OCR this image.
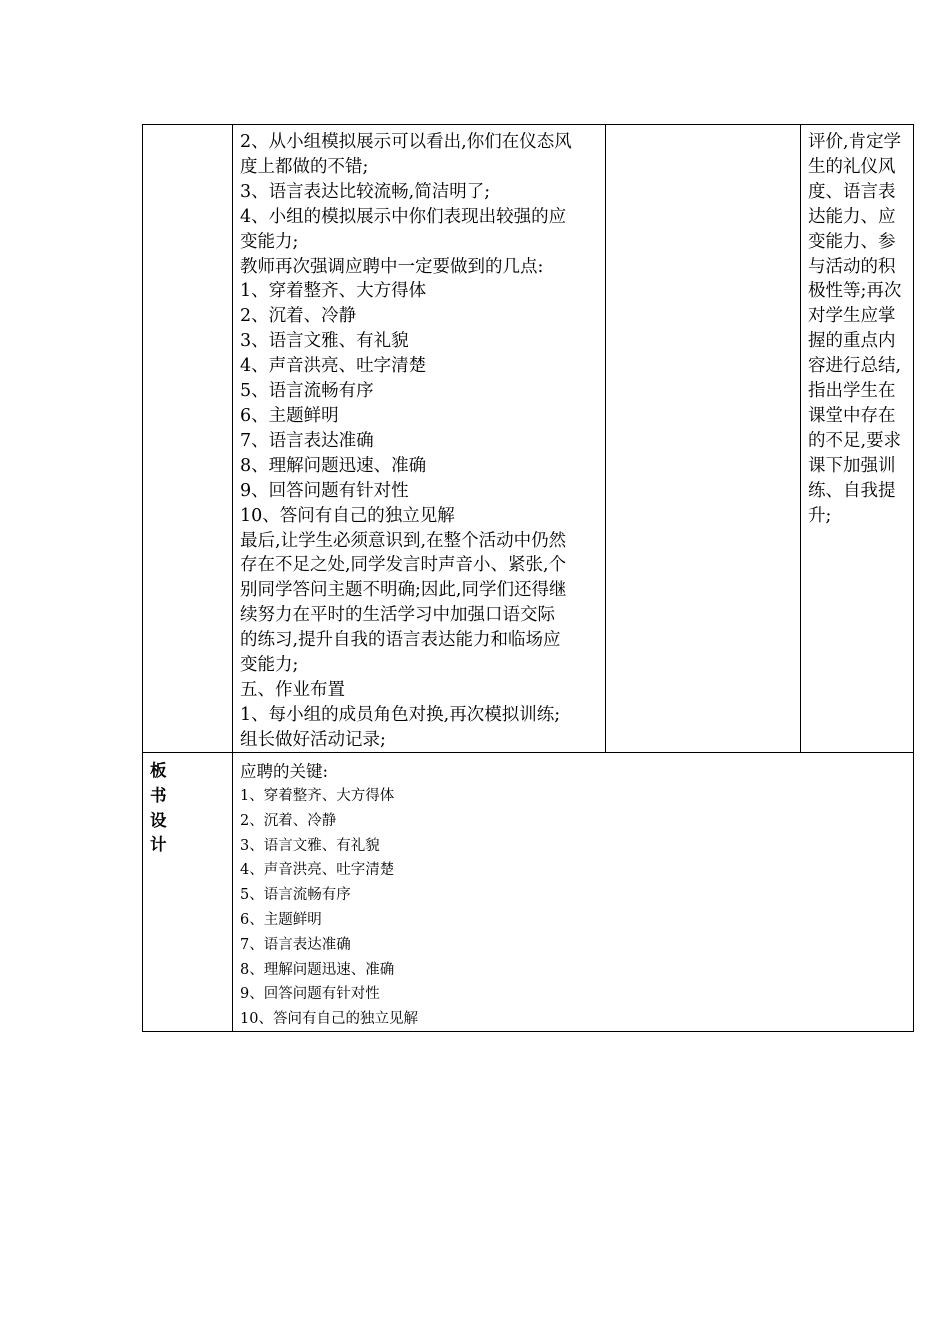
2、从小组模拟展示可以看出,你们在仪态风
度上都做的不错;
3、语言表达比较流畅,简洁明了;
4、小组的模拟展示中你们表现出较强的应
变能力;
教师再次强调应聘中一定要做到的几点:
1、穿着整齐、大方得体
2、沉着、冷静
3、语言文雅、有礼貌
4、声音洪亮、吐字清楚
5、语言流畅有序
6、主题鲜明
7、语言表达准确
8、理解问题迅速、准确
9、回答问题有针对性
10、答问有自己的独立见解
最后,让学生必须意识到,在整个活动中仍然
存在不足之处,同学发言时声音小、紧张,个
别同学答问主题不明确;因此,同学们还得继
续努力在平时的生活学习中加强口语交际
的练习,提升自我的语言表达能力和临场应
变能力;
五、作业布置
1、每小组的成员角色对换,再次模拟训练;
组长做好活动记录;
评价,肯定学
生的礼仪风
度、语言表
达能力、应
变能力、参
与活动的积
极性等;再次
对学生应掌
握的重点内
容进行总结,
指出学生在
课堂中存在
的不足,要求
课下加强训
练、自我提
升;
板
书
设
计
应聘的关键:
1、穿着整齐、大方得体
2、沉着、冷静
3、语言文雅、有礼貌
4、声音洪亮、吐字清楚
5、语言流畅有序
6、主题鲜明
7、语言表达准确
8、理解问题迅速、准确
9、回答问题有针对性
10、答问有自己的独立见解
